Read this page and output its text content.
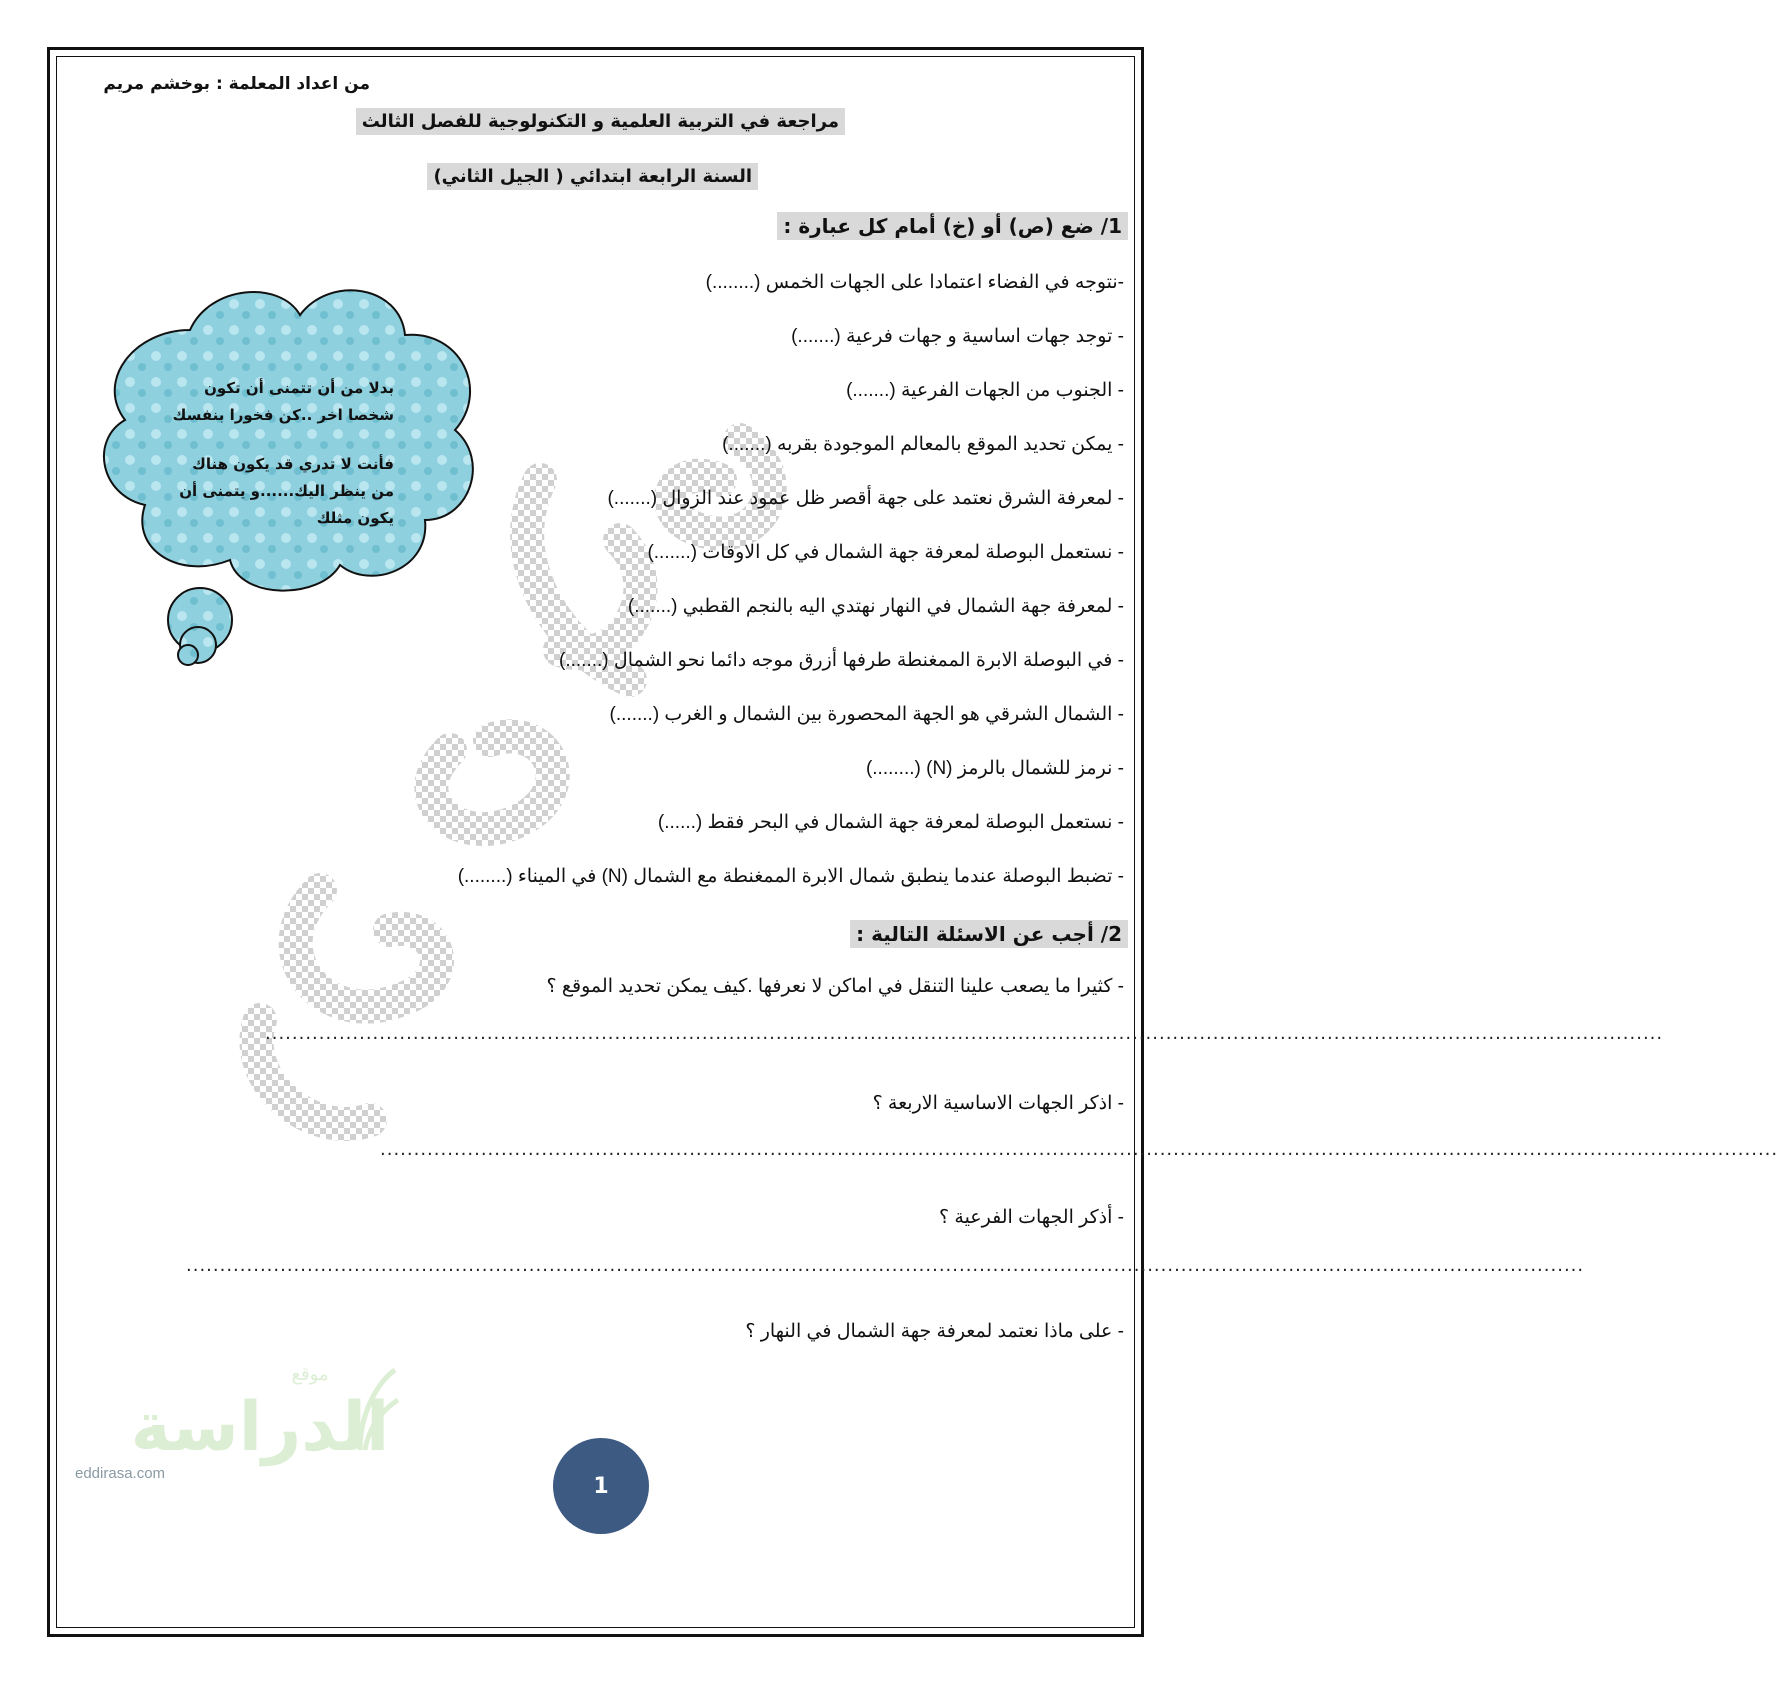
من اعداد المعلمة : بوخشم مريم
مراجعة في التربية العلمية و التكنولوجية للفصل الثالث
السنة الرابعة ابتدائي ( الجيل الثاني)

بدلا من أن تتمنى أن تكون

شخصا اخر ..كن فخورا بنفسك

فأنت لا تدري قد يكون هناك

من ينظر اليك......و يتمنى أن

يكون مثلك

1/ ضع (ص) أو (خ) أمام كل عبارة :
-نتوجه في الفضاء اعتمادا على الجهات الخمس (........)
- توجد جهات اساسية و جهات فرعية (.......)
- الجنوب من الجهات الفرعية (.......)
- يمكن تحديد الموقع بالمعالم الموجودة بقربه (.......)
- لمعرفة الشرق نعتمد على جهة أقصر ظل عمود عند الزوال (.......)
- نستعمل البوصلة لمعرفة جهة الشمال في كل الاوقات (.......)
- لمعرفة جهة الشمال في النهار نهتدي اليه بالنجم القطبي (.......)
- في البوصلة الابرة الممغنطة طرفها أزرق موجه دائما نحو الشمال (.......)
- الشمال الشرقي هو الجهة المحصورة بين الشمال و الغرب (.......)
- نرمز للشمال بالرمز (N) (........)
- نستعمل البوصلة لمعرفة جهة الشمال في البحر فقط (......)
- تضبط البوصلة عندما ينطبق شمال الابرة الممغنطة مع الشمال (N) في الميناء (........)
2/ أجب عن الاسئلة التالية :
- كثيرا ما يصعب علينا التنقل في اماكن لا نعرفها .كيف يمكن تحديد الموقع ؟
................................................................................................................................................................................................................
- اذكر الجهات الاساسية الاربعة ؟
................................................................................................................................................................................................................
- أذكر الجهات الفرعية ؟
................................................................................................................................................................................................................
- على ماذا نعتمد لمعرفة جهة الشمال في النهار ؟
الدراسة
موقع
eddirasa.com	1
